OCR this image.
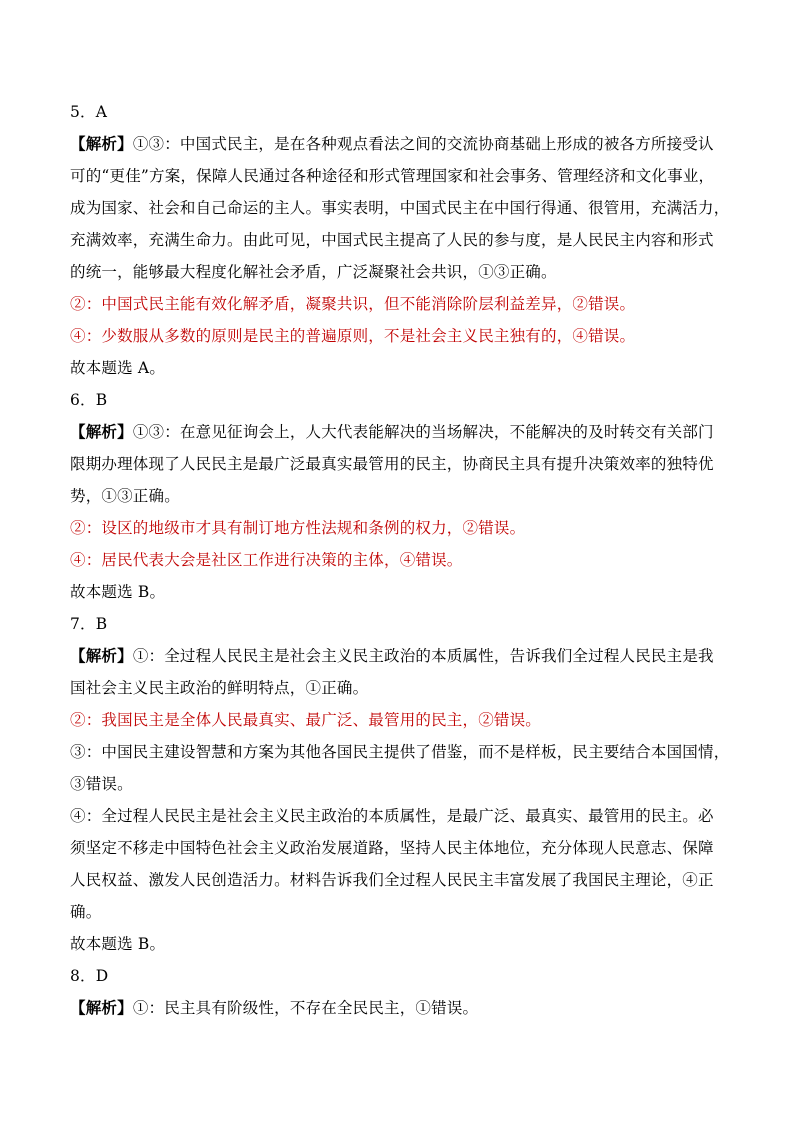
5．A
【解析】①③：中国式民主，是在各种观点看法之间的交流协商基础上形成的被各方所接受认
可的“更佳”方案，保障人民通过各种途径和形式管理国家和社会事务、管理经济和文化事业，
成为国家、社会和自己命运的主人。事实表明，中国式民主在中国行得通、很管用，充满活力，
充满效率，充满生命力。由此可见，中国式民主提高了人民的参与度，是人民民主内容和形式
的统一，能够最大程度化解社会矛盾，广泛凝聚社会共识，①③正确。
②：中国式民主能有效化解矛盾，凝聚共识，但不能消除阶层利益差异，②错误。
④：少数服从多数的原则是民主的普遍原则，不是社会主义民主独有的，④错误。
故本题选 A。
6．B
【解析】①③：在意见征询会上，人大代表能解决的当场解决，不能解决的及时转交有关部门
限期办理体现了人民民主是最广泛最真实最管用的民主，协商民主具有提升决策效率的独特优
势，①③正确。
②：设区的地级市才具有制订地方性法规和条例的权力，②错误。
④：居民代表大会是社区工作进行决策的主体，④错误。
故本题选 B。
7．B
【解析】①：全过程人民民主是社会主义民主政治的本质属性，告诉我们全过程人民民主是我
国社会主义民主政治的鲜明特点，①正确。
②：我国民主是全体人民最真实、最广泛、最管用的民主，②错误。
③：中国民主建设智慧和方案为其他各国民主提供了借鉴，而不是样板，民主要结合本国国情，
③错误。
④：全过程人民民主是社会主义民主政治的本质属性，是最广泛、最真实、最管用的民主。必
须坚定不移走中国特色社会主义政治发展道路，坚持人民主体地位，充分体现人民意志、保障
人民权益、激发人民创造活力。材料告诉我们全过程人民民主丰富发展了我国民主理论，④正
确。
故本题选 B。
8．D
【解析】①：民主具有阶级性，不存在全民民主，①错误。
